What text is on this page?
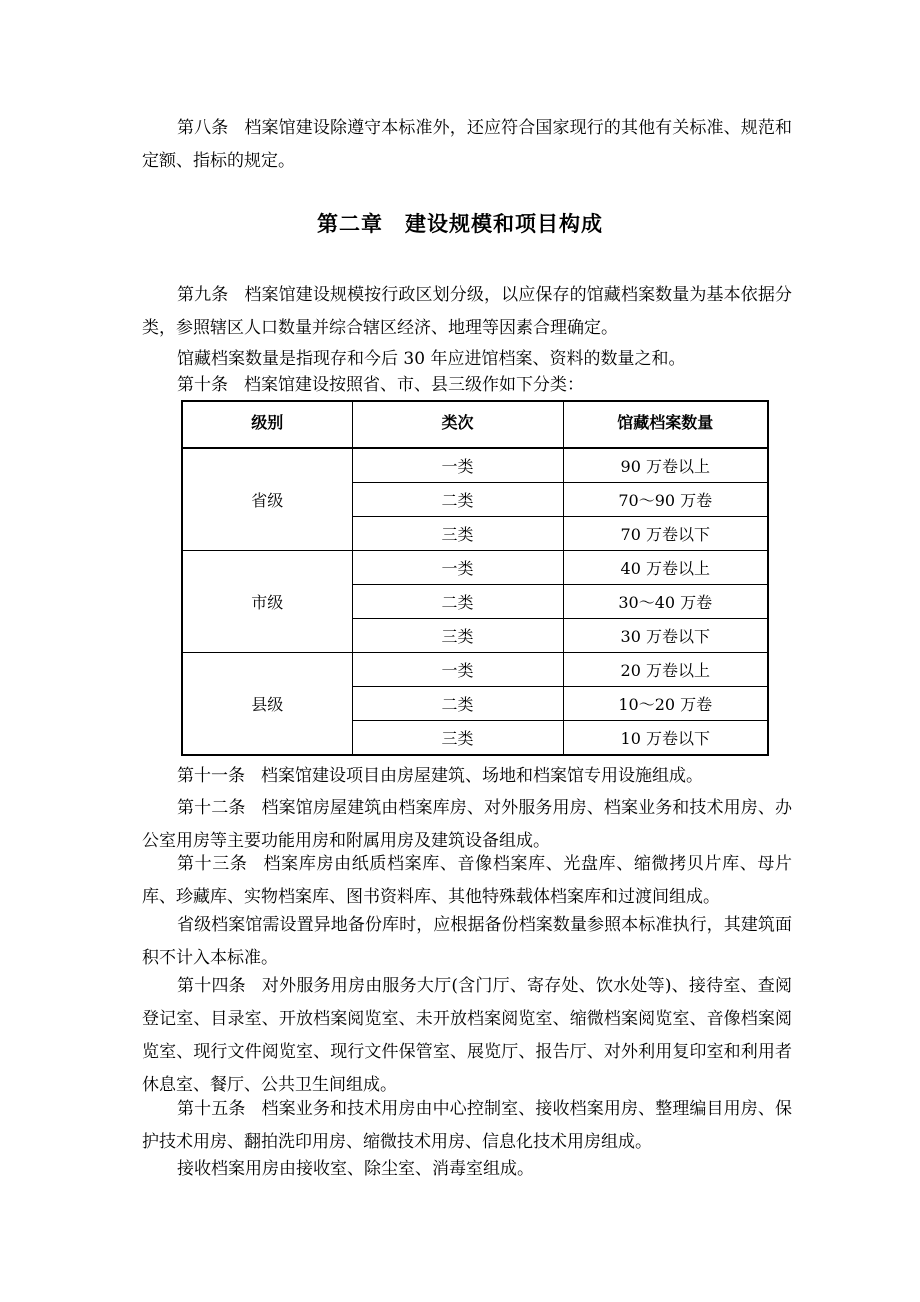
第八条 档案馆建设除遵守本标准外，还应符合国家现行的其他有关标准、规范和定额、指标的规定。

第二章　建设规模和项目构成

第九条 档案馆建设规模按行政区划分级，以应保存的馆藏档案数量为基本依据分类，参照辖区人口数量并综合辖区经济、地理等因素合理确定。

馆藏档案数量是指现存和今后 30 年应进馆档案、资料的数量之和。

第十条 档案馆建设按照省、市、县三级作如下分类：

级别	类次	馆藏档案数量
省级	一类	90 万卷以上
	二类	70～90 万卷
	三类	70 万卷以下
市级	一类	40 万卷以上
	二类	30～40 万卷
	三类	30 万卷以下
县级	一类	20 万卷以上
	二类	10～20 万卷
	三类	10 万卷以下

第十一条 档案馆建设项目由房屋建筑、场地和档案馆专用设施组成。

第十二条 档案馆房屋建筑由档案库房、对外服务用房、档案业务和技术用房、办公室用房等主要功能用房和附属用房及建筑设备组成。

第十三条 档案库房由纸质档案库、音像档案库、光盘库、缩微拷贝片库、母片库、珍藏库、实物档案库、图书资料库、其他特殊载体档案库和过渡间组成。

省级档案馆需设置异地备份库时，应根据备份档案数量参照本标准执行，其建筑面积不计入本标准。

第十四条 对外服务用房由服务大厅(含门厅、寄存处、饮水处等)、接待室、查阅登记室、目录室、开放档案阅览室、未开放档案阅览室、缩微档案阅览室、音像档案阅览室、现行文件阅览室、现行文件保管室、展览厅、报告厅、对外利用复印室和利用者休息室、餐厅、公共卫生间组成。

第十五条 档案业务和技术用房由中心控制室、接收档案用房、整理编目用房、保护技术用房、翻拍洗印用房、缩微技术用房、信息化技术用房组成。

接收档案用房由接收室、除尘室、消毒室组成。
